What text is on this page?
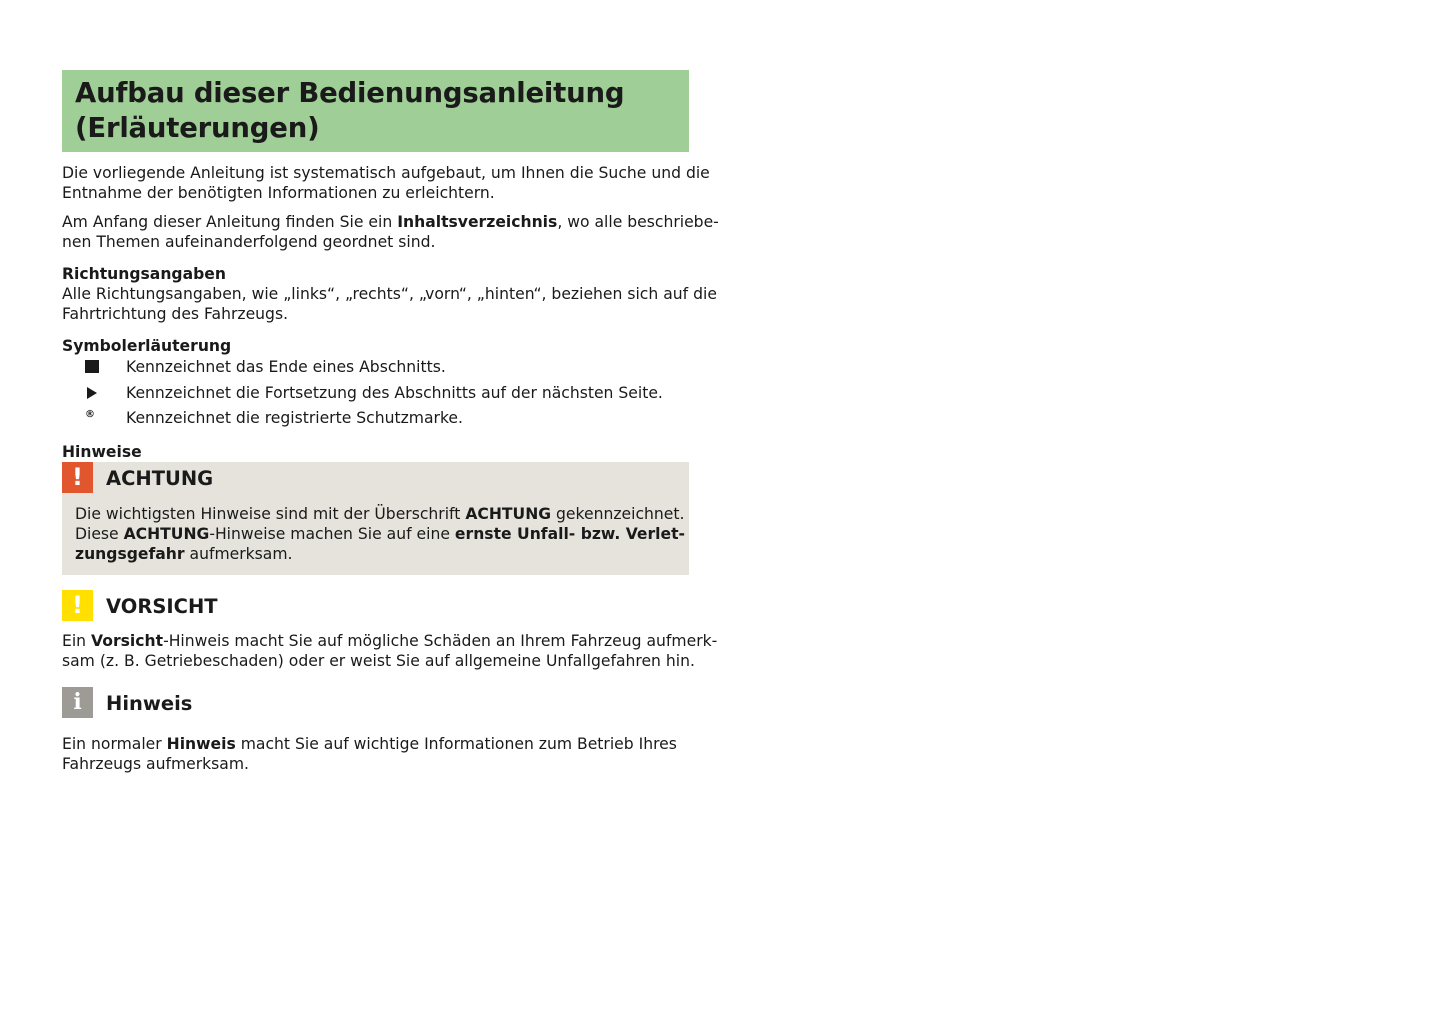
Aufbau dieser Bedienungsanleitung
(Erläuterungen)

Die vorliegende Anleitung ist systematisch aufgebaut, um Ihnen die Suche und die
Entnahme der benötigten Informationen zu erleichtern.

Am Anfang dieser Anleitung finden Sie ein Inhaltsverzeichnis, wo alle beschriebe-
nen Themen aufeinanderfolgend geordnet sind.

Richtungsangaben

Alle Richtungsangaben, wie „links“, „rechts“, „vorn“, „hinten“, beziehen sich auf die
Fahrtrichtung des Fahrzeugs.

Symbolerläuterung
Kennzeichnet das Ende eines Abschnitts.
Kennzeichnet die Fortsetzung des Abschnitts auf der nächsten Seite.
®	Kennzeichnet die registrierte Schutzmarke.
Hinweise
!	ACHTUNG
Die wichtigsten Hinweise sind mit der Überschrift ACHTUNG gekennzeichnet.
Diese ACHTUNG-Hinweise machen Sie auf eine ernste Unfall- bzw. Verlet-
zungsgefahr aufmerksam.
!	VORSICHT

Ein Vorsicht-Hinweis macht Sie auf mögliche Schäden an Ihrem Fahrzeug aufmerk-
sam (z. B. Getriebeschaden) oder er weist Sie auf allgemeine Unfallgefahren hin.

i	Hinweis

Ein normaler Hinweis macht Sie auf wichtige Informationen zum Betrieb Ihres
Fahrzeugs aufmerksam.
